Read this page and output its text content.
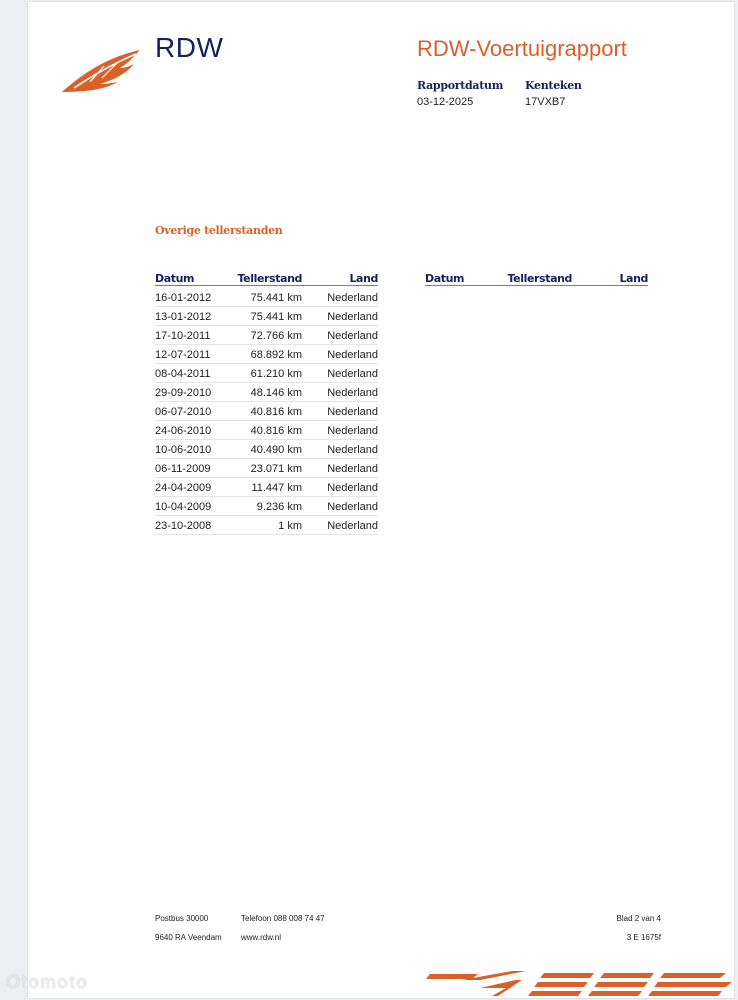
RDW	RDW-Voertuigrapport
Rapportdatum
03-12-2025
Kenteken
17VXB7
Overige tellerstanden
Datum	Tellerstand	Land
16-01-2012	75.441 km Nederland
13-01-2012	75.441 km Nederland
17-10-2011	72.766 km Nederland
12-07-2011	68.892 km Nederland
08-04-2011	61.210 km Nederland
29-09-2010	48.146 km Nederland
06-07-2010	40.816 km Nederland
24-06-2010	40.816 km Nederland
10-06-2010	40.490 km Nederland
06-11-2009	23.071 km Nederland
24-04-2009	11.447 km Nederland
10-04-2009	9.236 km Nederland
23-10-2008	1 km Nederland
Datum	Tellerstand	Land
Postbus 30000
9640 RA Veendam
Telefoon 088 008 74 47
www.rdw.nl
Blad 2 van 4
3 E 1675f
Otomoto
